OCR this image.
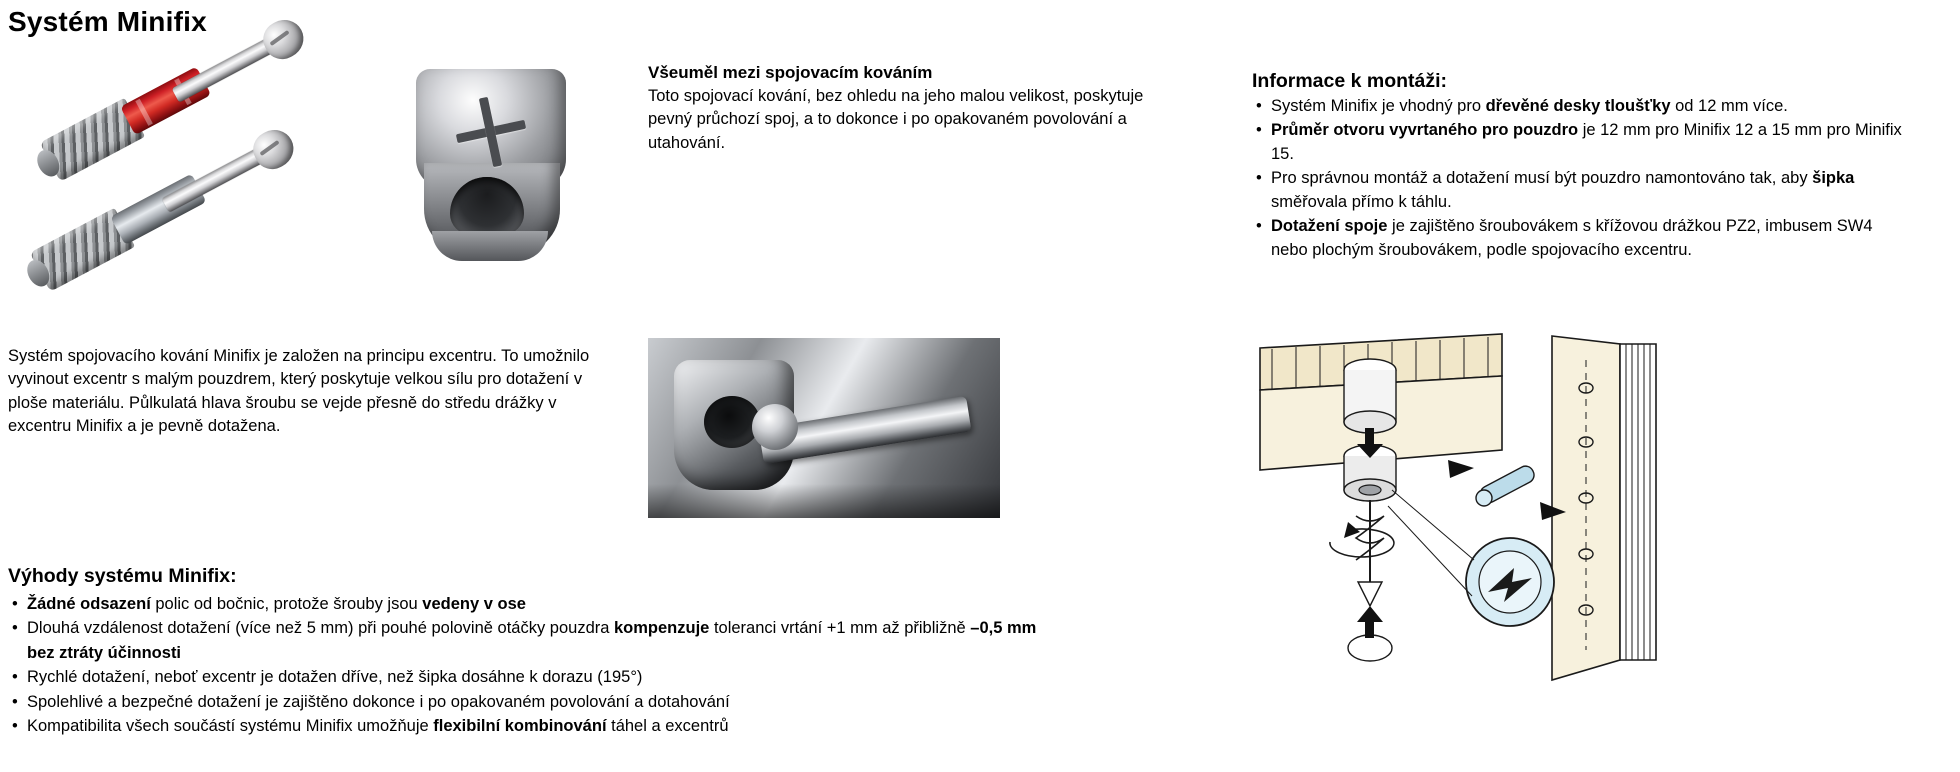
Systém Minifix
Všeuměl mezi spojovacím kováním

Toto spojovací kování, bez ohledu na jeho malou velikost, poskytuje pevný průchozí spoj, a to dokonce i po opakovaném povolování a utahování.

Informace k montáži:
• Systém Minifix je vhodný pro dřevěné desky tloušťky od 12 mm více.
• Průměr otvoru vyvrtaného pro pouzdro je 12 mm pro Minifix 12 a 15 mm pro Minifix 15.
• Pro správnou montáž a dotažení musí být pouzdro namontováno tak, aby šipka směřovala přímo k táhlu.
• Dotažení spoje je zajištěno šroubovákem s křížovou drážkou PZ2, imbusem SW4 nebo plochým šroubovákem, podle spojovacího excentru.

Systém spojovacího kování Minifix je založen na principu excentru. To umožnilo vyvinout excentr s malým pouzdrem, který poskytuje velkou sílu pro dotažení v ploše materiálu. Půlkulatá hlava šroubu se vejde přesně do středu drážky v excentru Minifix a je pevně dotažena.

Výhody systému Minifix:
• Žádné odsazení polic od bočnic, protože šrouby jsou vedeny v ose
• Dlouhá vzdálenost dotažení (více než 5 mm) při pouhé polovině otáčky pouzdra kompenzuje toleranci vrtání +1 mm až přibližně –0,5 mm
bez ztráty účinnosti
• Rychlé dotažení, neboť excentr je dotažen dříve, než šipka dosáhne k dorazu (195°)
• Spolehlivé a bezpečné dotažení je zajištěno dokonce i po opakovaném povolování a dotahování
• Kompatibilita všech součástí systému Minifix umožňuje flexibilní kombinování táhel a excentrů
